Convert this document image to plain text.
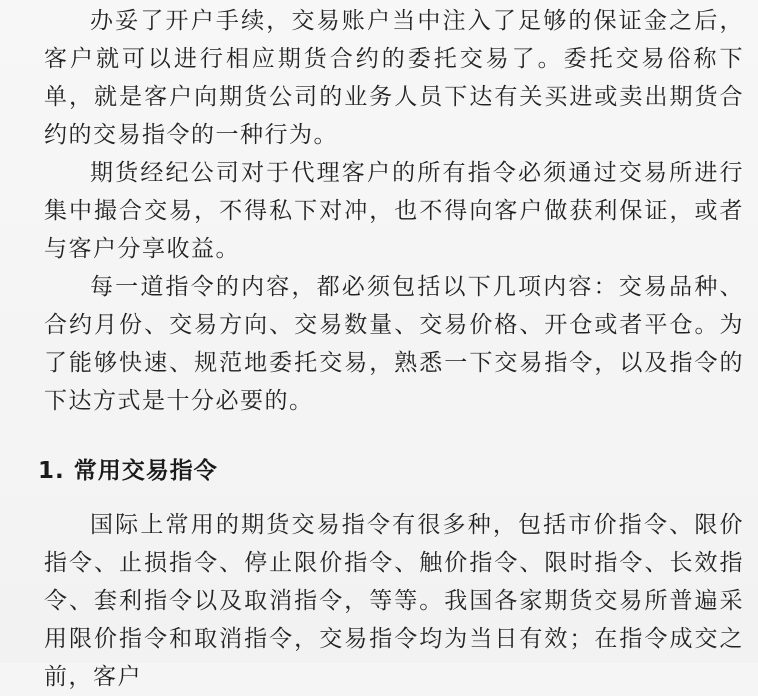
办妥了开户手续，交易账户当中注入了足够的保证金之后，客户就可以进行相应期货合约的委托交易了。委托交易俗称下单，就是客户向期货公司的业务人员下达有关买进或卖出期货合约的交易指令的一种行为。

期货经纪公司对于代理客户的所有指令必须通过交易所进行集中撮合交易，不得私下对冲，也不得向客户做获利保证，或者与客户分享收益。

每一道指令的内容，都必须包括以下几项内容：交易品种、合约月份、交易方向、交易数量、交易价格、开仓或者平仓。为了能够快速、规范地委托交易，熟悉一下交易指令，以及指令的下达方式是十分必要的。

1. 常用交易指令

国际上常用的期货交易指令有很多种，包括市价指令、限价指令、止损指令、停止限价指令、触价指令、限时指令、长效指令、套利指令以及取消指令，等等。我国各家期货交易所普遍采用限价指令和取消指令，交易指令均为当日有效；在指令成交之前，客户
